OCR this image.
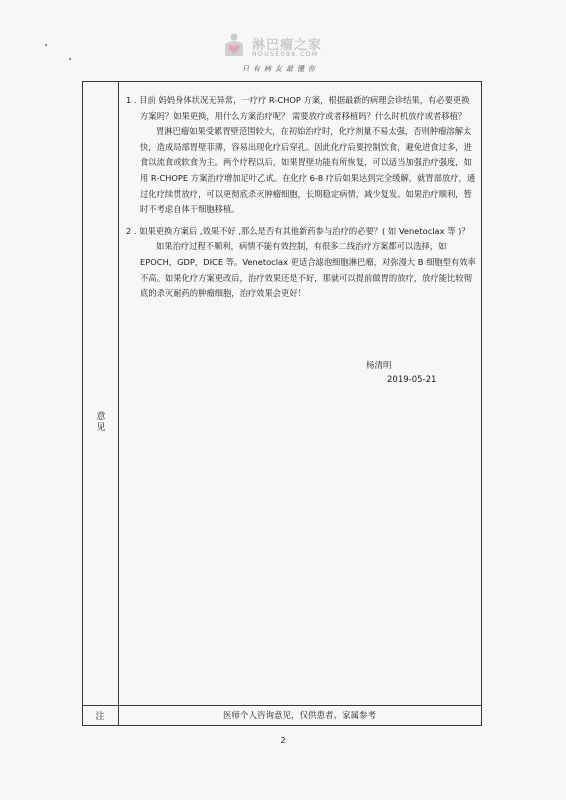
淋巴瘤之家
HOUSE086.COM
只有病友最懂你
意见
注	医师个人咨询意见，仅供患者、家属参考

1 . 目前 妈妈身体状况无异常，一疗疗 R-CHOP 方案，根据最新的病理会诊结果，有必要更换方案吗？如果更换，用什么方案治疗呢？ 需要放疗或者移植吗？什么时机放疗或者移植？

胃淋巴瘤如果受累胃壁范围较大，在初始治疗时，化疗剂量不易太强，否则肿瘤溶解太快，造成局部胃壁菲薄，容易出现化疗后穿孔。因此化疗后要控制饮食，避免进食过多，进食以流食或软食为主。两个疗程以后，如果胃壁功能有所恢复，可以适当加强治疗强度，如用 R-CHOPE 方案治疗增加足叶乙甙。在化疗 6-8 疗后如果达到完全缓解，就胃部放疗，通过化疗续贯放疗，可以更彻底杀灭肿瘤细胞，长期稳定病情，减少复发。如果治疗顺利，暂时不考虑自体干细胞移植。

2 . 如果更换方案后 ,效果不好 ,那么是否有其他新药参与治疗的必要？( 如 Venetoclax 等 )？

如果治疗过程不顺利，病情不能有效控制，有很多二线治疗方案都可以选择，如 EPOCH，GDP，DICE 等。Venetoclax 更适合滤泡细胞淋巴瘤，对弥漫大 B 细胞型有效率不高。如果化疗方案更改后，治疗效果还是不好，那就可以提前做胃的放疗，放疗能比较彻底的杀灭耐药的肿瘤细胞，治疗效果会更好！

杨清明
2019-05-21
2
